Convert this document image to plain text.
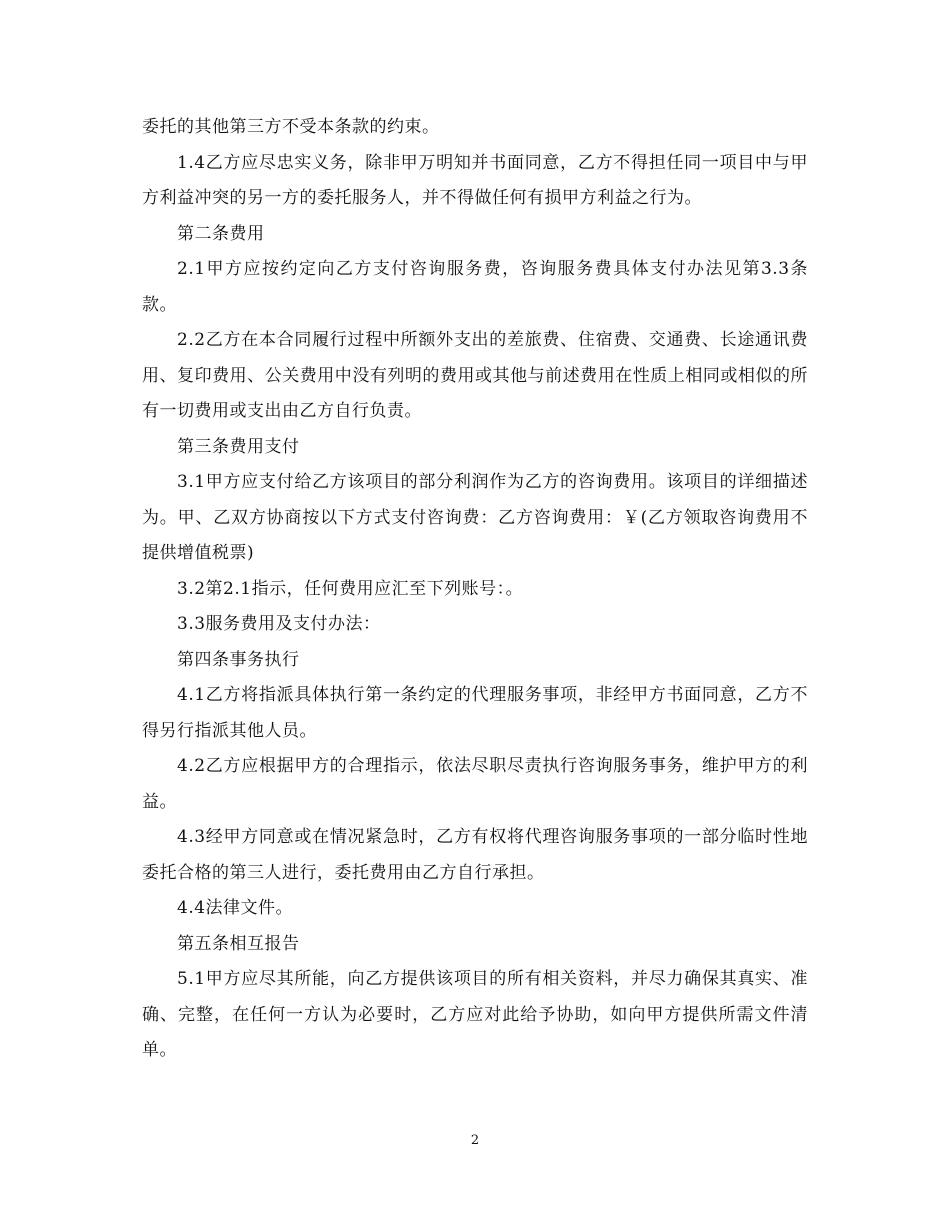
委托的其他第三方不受本条款的约束。

1.4乙方应尽忠实义务，除非甲万明知并书面同意，乙方不得担任同一项目中与甲方利益冲突的另一方的委托服务人，并不得做任何有损甲方利益之行为。

第二条费用

2.1甲方应按约定向乙方支付咨询服务费，咨询服务费具体支付办法见第3.3条款。

2.2乙方在本合同履行过程中所额外支出的差旅费、住宿费、交通费、长途通讯费用、复印费用、公关费用中没有列明的费用或其他与前述费用在性质上相同或相似的所有一切费用或支出由乙方自行负责。

第三条费用支付

3.1甲方应支付给乙方该项目的部分利润作为乙方的咨询费用。该项目的详细描述为。甲、乙双方协商按以下方式支付咨询费：乙方咨询费用：￥(乙方领取咨询费用不提供增值税票)

3.2第2.1指示，任何费用应汇至下列账号：。

3.3服务费用及支付办法：

第四条事务执行

4.1乙方将指派具体执行第一条约定的代理服务事项，非经甲方书面同意，乙方不得另行指派其他人员。

4.2乙方应根据甲方的合理指示，依法尽职尽责执行咨询服务事务，维护甲方的利益。

4.3经甲方同意或在情况紧急时，乙方有权将代理咨询服务事项的一部分临时性地委托合格的第三人进行，委托费用由乙方自行承担。

4.4法律文件。

第五条相互报告

5.1甲方应尽其所能，向乙方提供该项目的所有相关资料，并尽力确保其真实、准确、完整，在任何一方认为必要时，乙方应对此给予协助，如向甲方提供所需文件清单。

2
